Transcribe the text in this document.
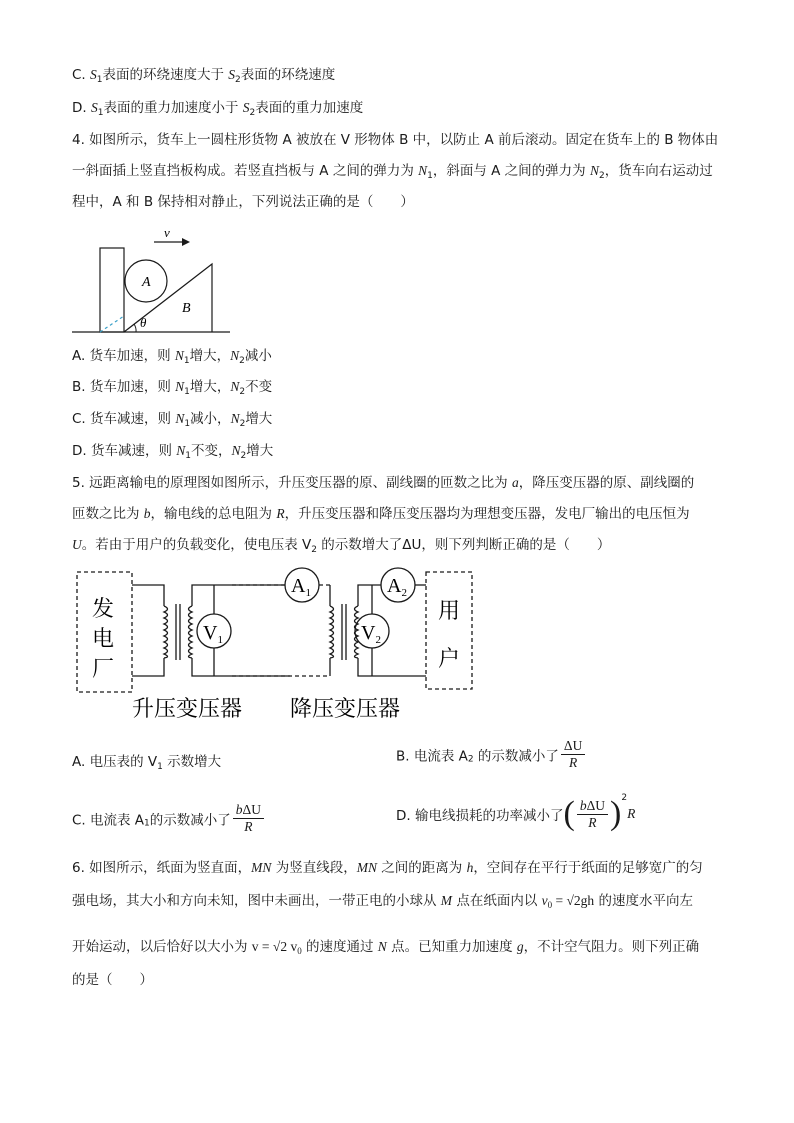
C. $S_1$表面的环绕速度大于 $S_2$表面的环绕速度
D. $S_1$表面的重力加速度小于 $S_2$表面的重力加速度
4. 如图所示，货车上一圆柱形货物 A 被放在 V 形物体 B 中，以防止 A 前后滚动。固定在货车上的 B 物体由
一斜面插上竖直挡板构成。若竖直挡板与 A 之间的弹力为 $N_1$，斜面与 A 之间的弹力为 $N_2$，货车向右运动过
程中，A 和 B 保持相对静止，下列说法正确的是（　　）
v
A
B
θ
A. 货车加速，则 $N_1$增大，$N_2$减小
B. 货车加速，则 $N_1$增大，$N_2$不变
C. 货车减速，则 $N_1$减小，$N_2$增大
D. 货车减速，则 $N_1$不变，$N_2$增大
5. 远距离输电的原理图如图所示，升压变压器的原、副线圈的匝数之比为 a，降压变压器的原、副线圈的
匝数之比为 b，输电线的总电阻为 R，升压变压器和降压变压器均为理想变压器，发电厂输出的电压恒为
U。若由于用户的负载变化，使电压表 $V_2$ 的示数增大了ΔU，则下列判断正确的是（　　）
发
电
厂
$V_1$
$A_1$
$V_2$
$A_2$
用
户
升压变压器 降压变压器
A. 电压表的 $V_1$ 示数增大	B. 电流表 $A_2$ 的示数减小了 $\frac{\Delta U}{R}$
C. 电流表 $A_1$的示数减小了 $\frac{\text{bΔU}}{R}$	D. 输电线损耗的功率减小了( $\frac{\text{bΔU}}{R} )^2R$
6. 如图所示，纸面为竖直面，MN 为竖直线段，MN 之间的距离为 h，空间存在平行于纸面的足够宽广的匀
强电场，其大小和方向未知，图中未画出，一带正电的小球从 M 点在纸面内以 $v_0 = √2gh$ 的速度水平向左
开始运动，以后恰好以大小为 v = √2 $v_0$ 的速度通过 N 点。已知重力加速度 g，不计空气阻力。则下列正确
的是（　　）
